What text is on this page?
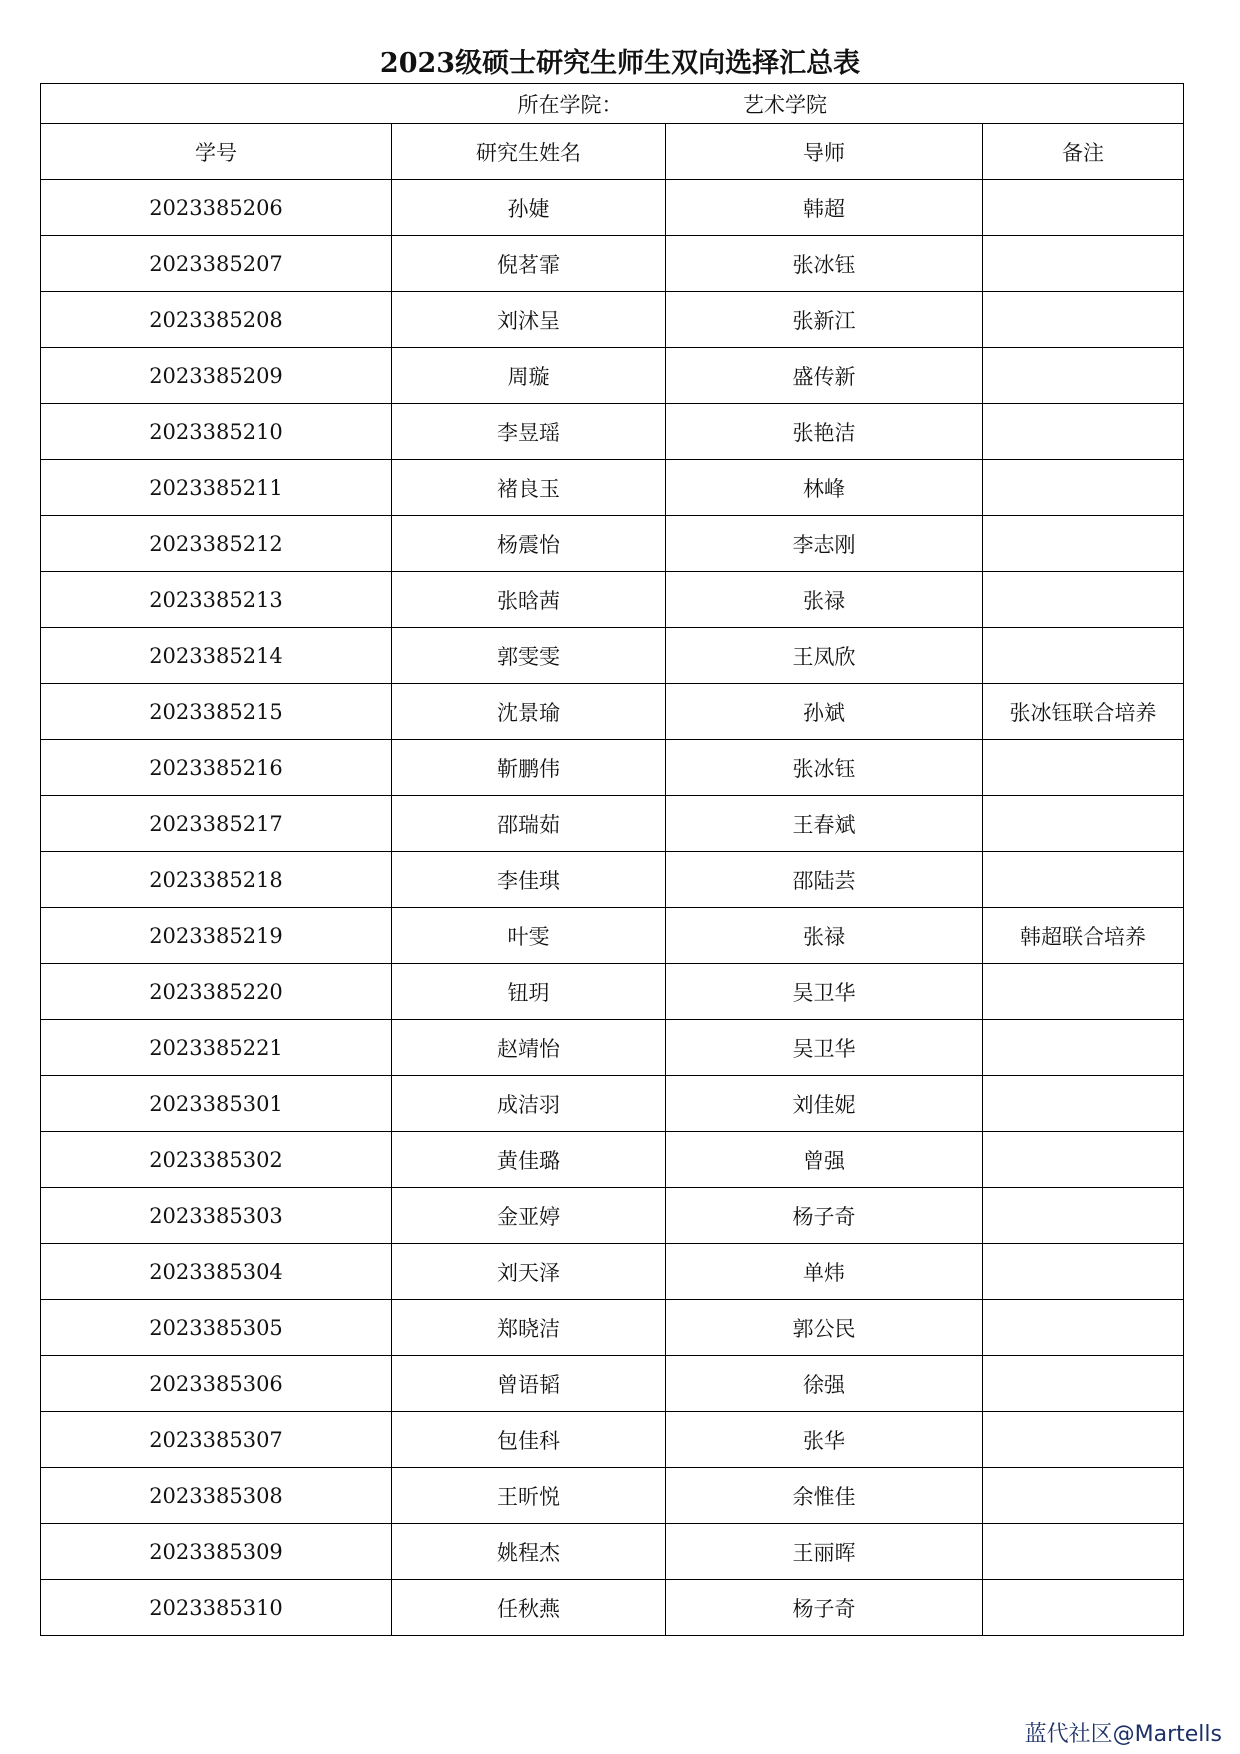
2023级硕士研究生师生双向选择汇总表
所在学院： 艺术学院			
学号	研究生姓名	导师	备注
2023385206	孙婕	韩超	
2023385207	倪茗霏	张冰钰	
2023385208	刘沭呈	张新江	
2023385209	周璇	盛传新	
2023385210	李昱瑶	张艳洁	
2023385211	褚良玉	林峰	
2023385212	杨震怡	李志刚	
2023385213	张晗茜	张禄	
2023385214	郭雯雯	王凤欣	
2023385215	沈景瑜	孙斌	张冰钰联合培养
2023385216	靳鹏伟	张冰钰	
2023385217	邵瑞茹	王春斌	
2023385218	李佳琪	邵陆芸	
2023385219	叶雯	张禄	韩超联合培养
2023385220	钮玥	吴卫华	
2023385221	赵靖怡	吴卫华	
2023385301	成洁羽	刘佳妮	
2023385302	黄佳璐	曾强	
2023385303	金亚婷	杨子奇	
2023385304	刘天泽	单炜	
2023385305	郑晓洁	郭公民	
2023385306	曾语韬	徐强	
2023385307	包佳科	张华	
2023385308	王昕悦	余惟佳	
2023385309	姚程杰	王丽晖	
2023385310	任秋燕	杨子奇	
蓝代社区@Martells
